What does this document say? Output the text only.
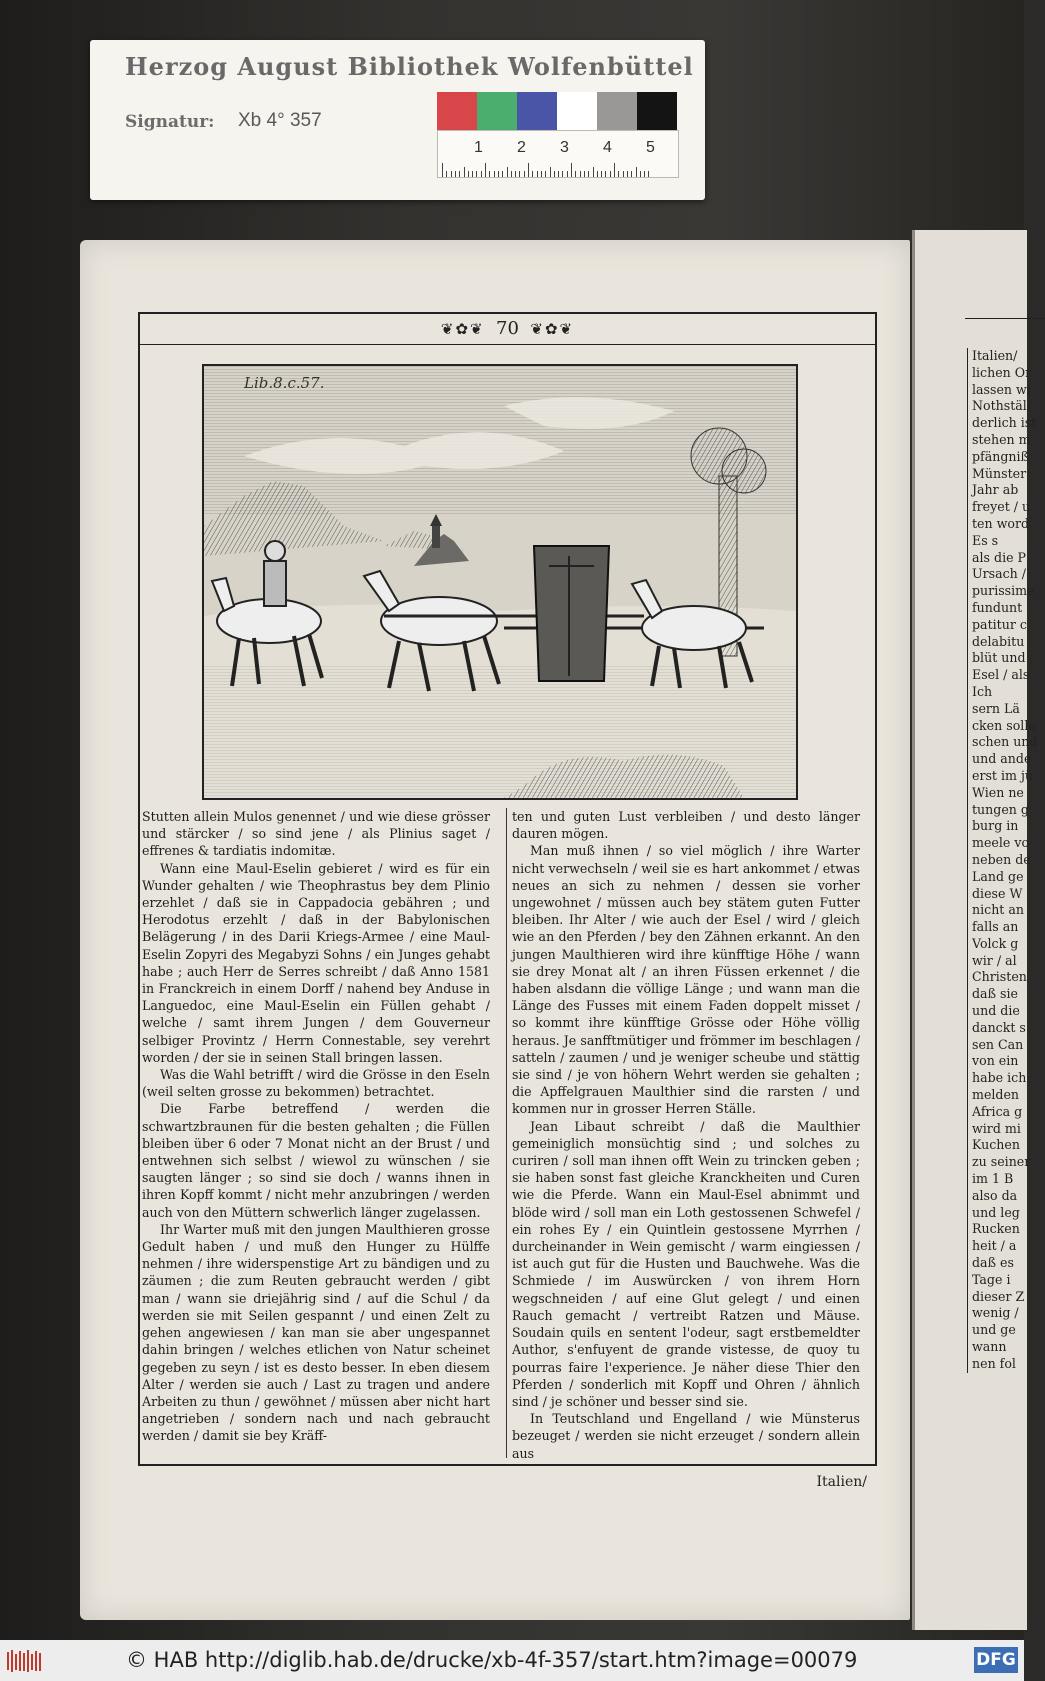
Herzog August Bibliothek Wolfenbüttel
Signatur: Xb 4° 357
1 2 3 4 5
❦✿❦ 70 ❦✿❦
Lib.8.c.57.

Stutten allein Mulos genennet / und wie diese grösser und stärcker / so sind jene / als Plinius saget / effrenes & tardiatis indomitæ.

Wann eine Maul-Eselin gebieret / wird es für ein Wunder gehalten / wie Theophrastus bey dem Plinio erzehlet / daß sie in Cappadocia gebähren ; und Herodotus erzehlt / daß in der Babylonischen Belägerung / in des Darii Kriegs-Armee / eine Maul-Eselin Zopyri des Megabyzi Sohns / ein Junges gehabt habe ; auch Herr de Serres schreibt / daß Anno 1581 in Franckreich in einem Dorff / nahend bey Anduse in Languedoc, eine Maul-Eselin ein Füllen gehabt / welche / samt ihrem Jungen / dem Gouverneur selbiger Provintz / Herrn Connestable, sey verehrt worden / der sie in seinen Stall bringen lassen.

Was die Wahl betrifft / wird die Grösse in den Eseln (weil selten grosse zu bekommen) betrachtet.

Die Farbe betreffend / werden die schwartzbraunen für die besten gehalten ; die Füllen bleiben über 6 oder 7 Monat nicht an der Brust / und entwehnen sich selbst / wiewol zu wünschen / sie saugten länger ; so sind sie doch / wanns ihnen in ihren Kopff kommt / nicht mehr anzubringen / werden auch von den Müttern schwerlich länger zugelassen.

Ihr Warter muß mit den jungen Maulthieren grosse Gedult haben / und muß den Hunger zu Hülffe nehmen / ihre widerspenstige Art zu bändigen und zu zäumen ; die zum Reuten gebraucht werden / gibt man / wann sie driejährig sind / auf die Schul / da werden sie mit Seilen gespannt / und einen Zelt zu gehen angewiesen / kan man sie aber ungespannet dahin bringen / welches etlichen von Natur scheinet gegeben zu seyn / ist es desto besser. In eben diesem Alter / werden sie auch / Last zu tragen und andere Arbeiten zu thun / gewöhnet / müssen aber nicht hart angetrieben / sondern nach und nach gebraucht werden / damit sie bey Kräff-

ten und guten Lust verbleiben / und desto länger dauren mögen.

Man muß ihnen / so viel möglich / ihre Warter nicht verwechseln / weil sie es hart ankommet / etwas neues an sich zu nehmen / dessen sie vorher ungewohnet / müssen auch bey stätem guten Futter bleiben. Ihr Alter / wie auch der Esel / wird / gleich wie an den Pferden / bey den Zähnen erkannt. An den jungen Maulthieren wird ihre künfftige Höhe / wann sie drey Monat alt / an ihren Füssen erkennet / die haben alsdann die völlige Länge ; und wann man die Länge des Fusses mit einem Faden doppelt misset / so kommt ihre künfftige Grösse oder Höhe völlig heraus. Je sanfftmütiger und frömmer im beschlagen / satteln / zaumen / und je weniger scheube und stättig sie sind / je von höhern Wehrt werden sie gehalten ; die Apffelgrauen Maulthier sind die rarsten / und kommen nur in grosser Herren Ställe.

Jean Libaut schreibt / daß die Maulthier gemeiniglich monsüchtig sind ; und solches zu curiren / soll man ihnen offt Wein zu trincken geben ; sie haben sonst fast gleiche Kranckheiten und Curen wie die Pferde. Wann ein Maul-Esel abnimmt und blöde wird / soll man ein Loth gestossenen Schwefel / ein rohes Ey / ein Quintlein gestossene Myrrhen / durcheinander in Wein gemischt / warm eingiessen / ist auch gut für die Husten und Bauchwehe. Was die Schmiede / im Auswürcken / von ihrem Horn wegschneiden / auf eine Glut gelegt / und einen Rauch gemacht / vertreibt Ratzen und Mäuse. Soudain quils en sentent l'odeur, sagt erstbemeldter Author, s'enfuyent de grande vistesse, de quoy tu pourras faire l'experience. Je näher diese Thier den Pferden / sonderlich mit Kopff und Ohren / ähnlich sind / je schöner und besser sind sie.

In Teutschland und Engelland / wie Münsterus bezeuget / werden sie nicht erzeuget / sondern allein aus

Italien/
Italien/
lichen Or
lassen wi
Nothställ
derlich ist
stehen m
pfängniß
Münster
Jahr ab
freyet / u
ten word
Es s
als die P
Ursach /
purissime
fundunt
patitur c
delabitu
blüt und
Esel / als
Ich
sern Lä
cken solle
schen und
und ande
erst im jü
Wien ne
tungen g
burg in
meele vo
neben de
Land ge
diese W
nicht an
falls an
Volck g
wir / al
Christen
daß sie
und die
danckt s
sen Can
von ein
habe ich
melden
Africa g
wird mi
Kuchen
zu seiner
im 1 B
also da
und leg
Rucken
heit / a
daß es
Tage i
dieser Z
wenig /
und ge
wann
nen fol
© HAB http://diglib.hab.de/drucke/xb-4f-357/start.htm?image=00079	DFG
